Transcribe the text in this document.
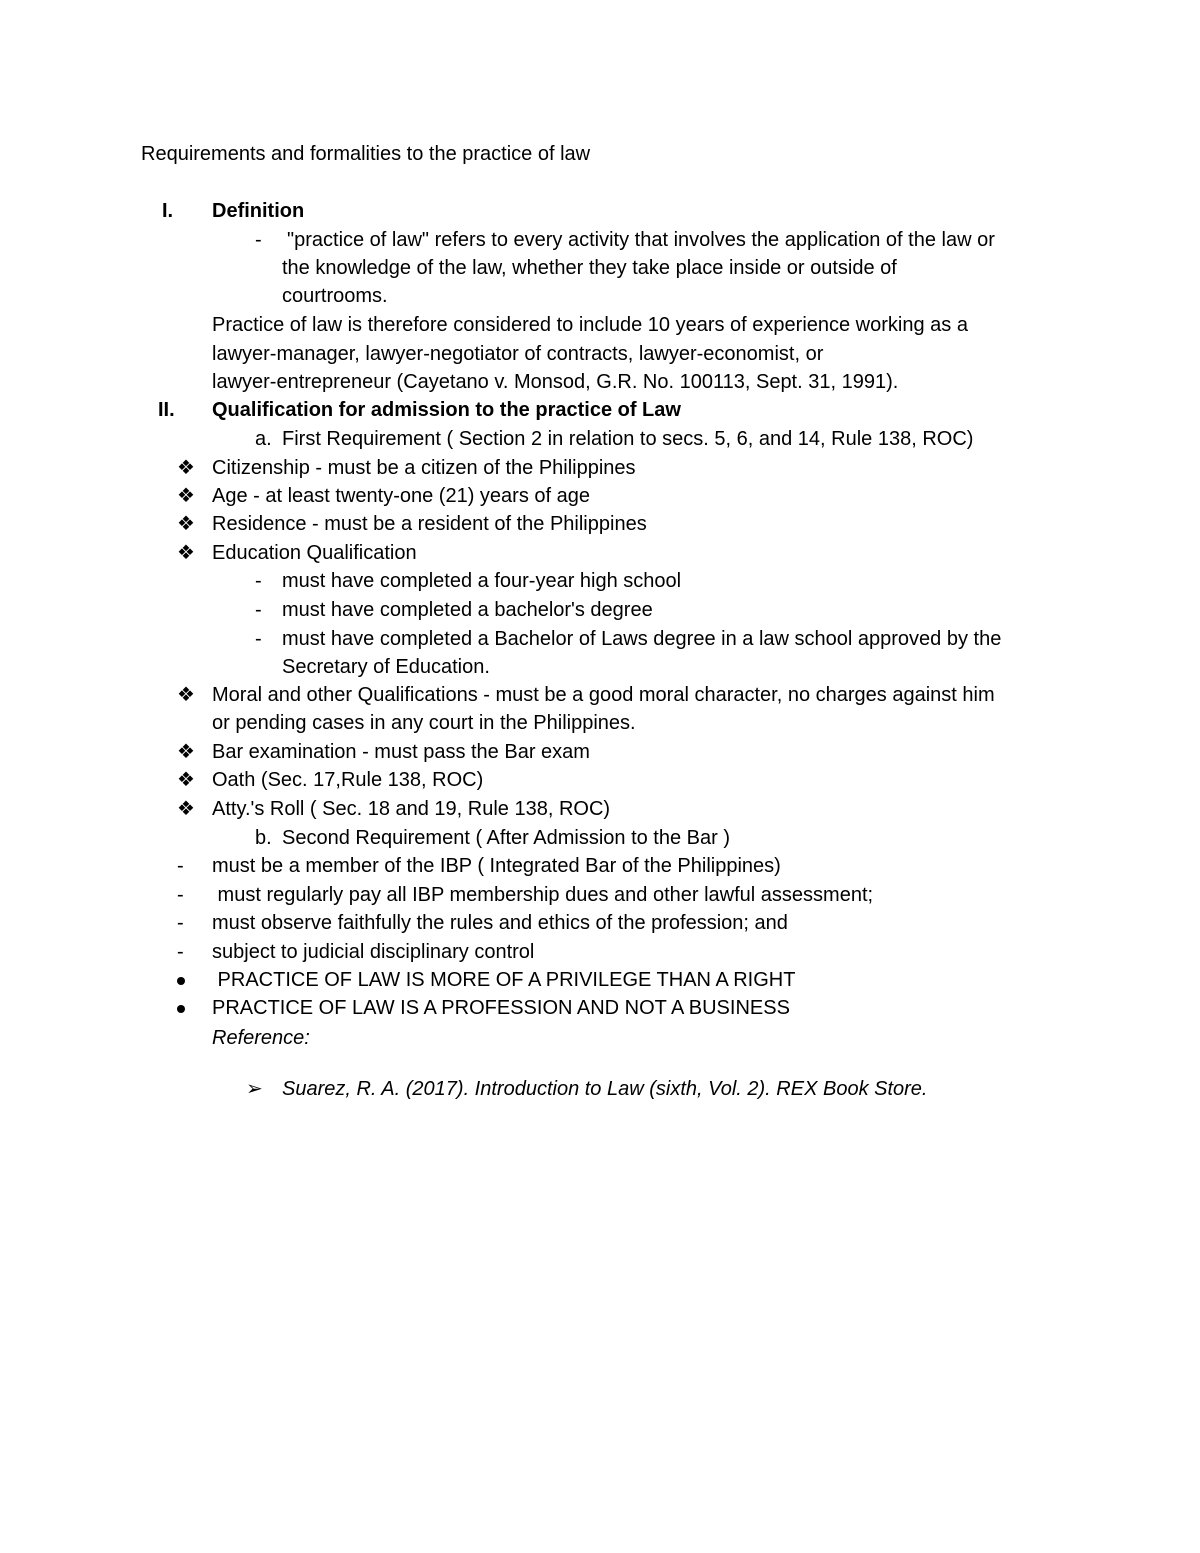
Requirements and formalities to the practice of law
I. Definition
- "practice of law" refers to every activity that involves the application of the law or
the knowledge of the law, whether they take place inside or outside of
courtrooms.
Practice of law is therefore considered to include 10 years of experience working as a
lawyer-manager, lawyer-negotiator of contracts, lawyer-economist, or
lawyer-entrepreneur (Cayetano v. Monsod, G.R. No. 100113, Sept. 31, 1991).
II. Qualification for admission to the practice of Law
a. First Requirement ( Section 2 in relation to secs. 5, 6, and 14, Rule 138, ROC)
❖ Citizenship - must be a citizen of the Philippines
❖ Age - at least twenty-one (21) years of age
❖ Residence - must be a resident of the Philippines
❖ Education Qualification
- must have completed a four-year high school
- must have completed a bachelor's degree
- must have completed a Bachelor of Laws degree in a law school approved by the
Secretary of Education.
❖ Moral and other Qualifications - must be a good moral character, no charges against him
or pending cases in any court in the Philippines.
❖ Bar examination - must pass the Bar exam
❖ Oath (Sec. 17,Rule 138, ROC)
❖ Atty.'s Roll ( Sec. 18 and 19, Rule 138, ROC)
b. Second Requirement ( After Admission to the Bar )
- must be a member of the IBP ( Integrated Bar of the Philippines)
- must regularly pay all IBP membership dues and other lawful assessment;
- must observe faithfully the rules and ethics of the profession; and
- subject to judicial disciplinary control
PRACTICE OF LAW IS MORE OF A PRIVILEGE THAN A RIGHT
PRACTICE OF LAW IS A PROFESSION AND NOT A BUSINESS
Reference:
➢ Suarez, R. A. (2017). Introduction to Law (sixth, Vol. 2). REX Book Store.
